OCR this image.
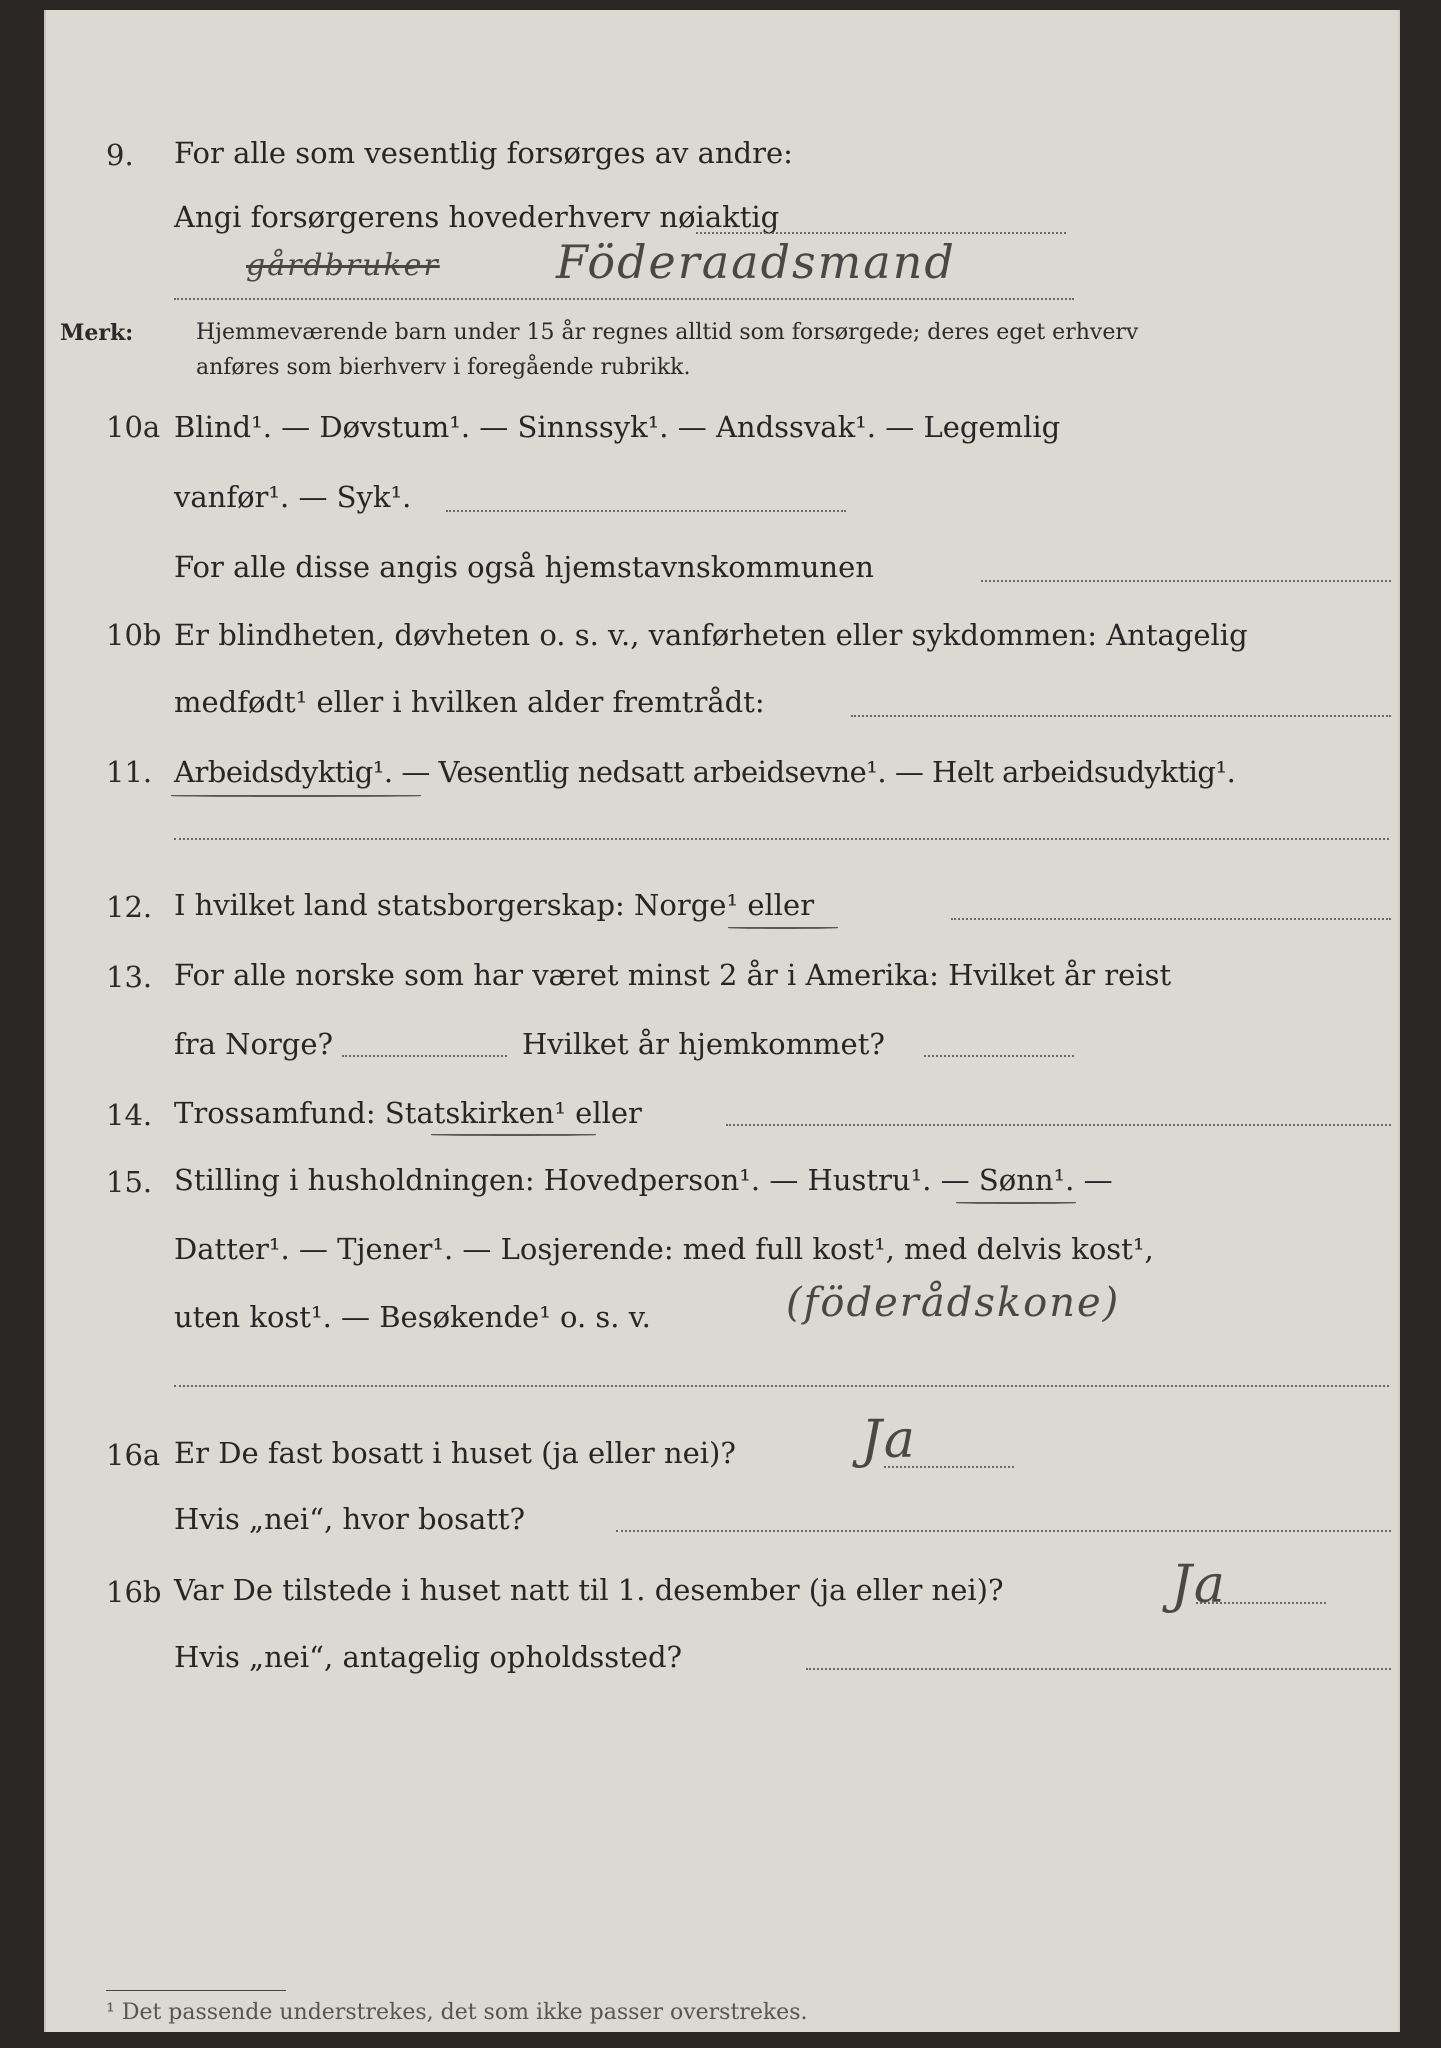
9. For alle som vesentlig forsørges av andre:
Angi forsørgerens hovederhverv nøiaktig
gårdbruker	Föderaadsmand
Merk:	Hjemmeværende barn under 15 år regnes alltid som forsørgede; deres eget erhverv
anføres som bierhverv i foregående rubrikk.
10a Blind¹. — Døvstum¹. — Sinnssyk¹. — Andssvak¹. — Legemlig
vanfør¹. — Syk¹.
For alle disse angis også hjemstavnskommunen
10b Er blindheten, døvheten o. s. v., vanførheten eller sykdommen: Antagelig
medfødt¹ eller i hvilken alder fremtrådt:
11. Arbeidsdyktig¹. — Vesentlig nedsatt arbeidsevne¹. — Helt arbeidsudyktig¹.
12. I hvilket land statsborgerskap: Norge¹ eller
13. For alle norske som har været minst 2 år i Amerika: Hvilket år reist
fra Norge?	Hvilket år hjemkommet?
14. Trossamfund: Statskirken¹ eller
15. Stilling i husholdningen: Hovedperson¹. — Hustru¹. — Sønn¹. —
Datter¹. — Tjener¹. — Losjerende: med full kost¹, med delvis kost¹,
uten kost¹. — Besøkende¹ o. s. v.	(föderådskone)
16a Er De fast bosatt i huset (ja eller nei)? Ja
Hvis „nei“, hvor bosatt?
16b Var De tilstede i huset natt til 1. desember (ja eller nei)?	Ja
Hvis „nei“, antagelig opholdssted?
¹ Det passende understrekes, det som ikke passer overstrekes.
